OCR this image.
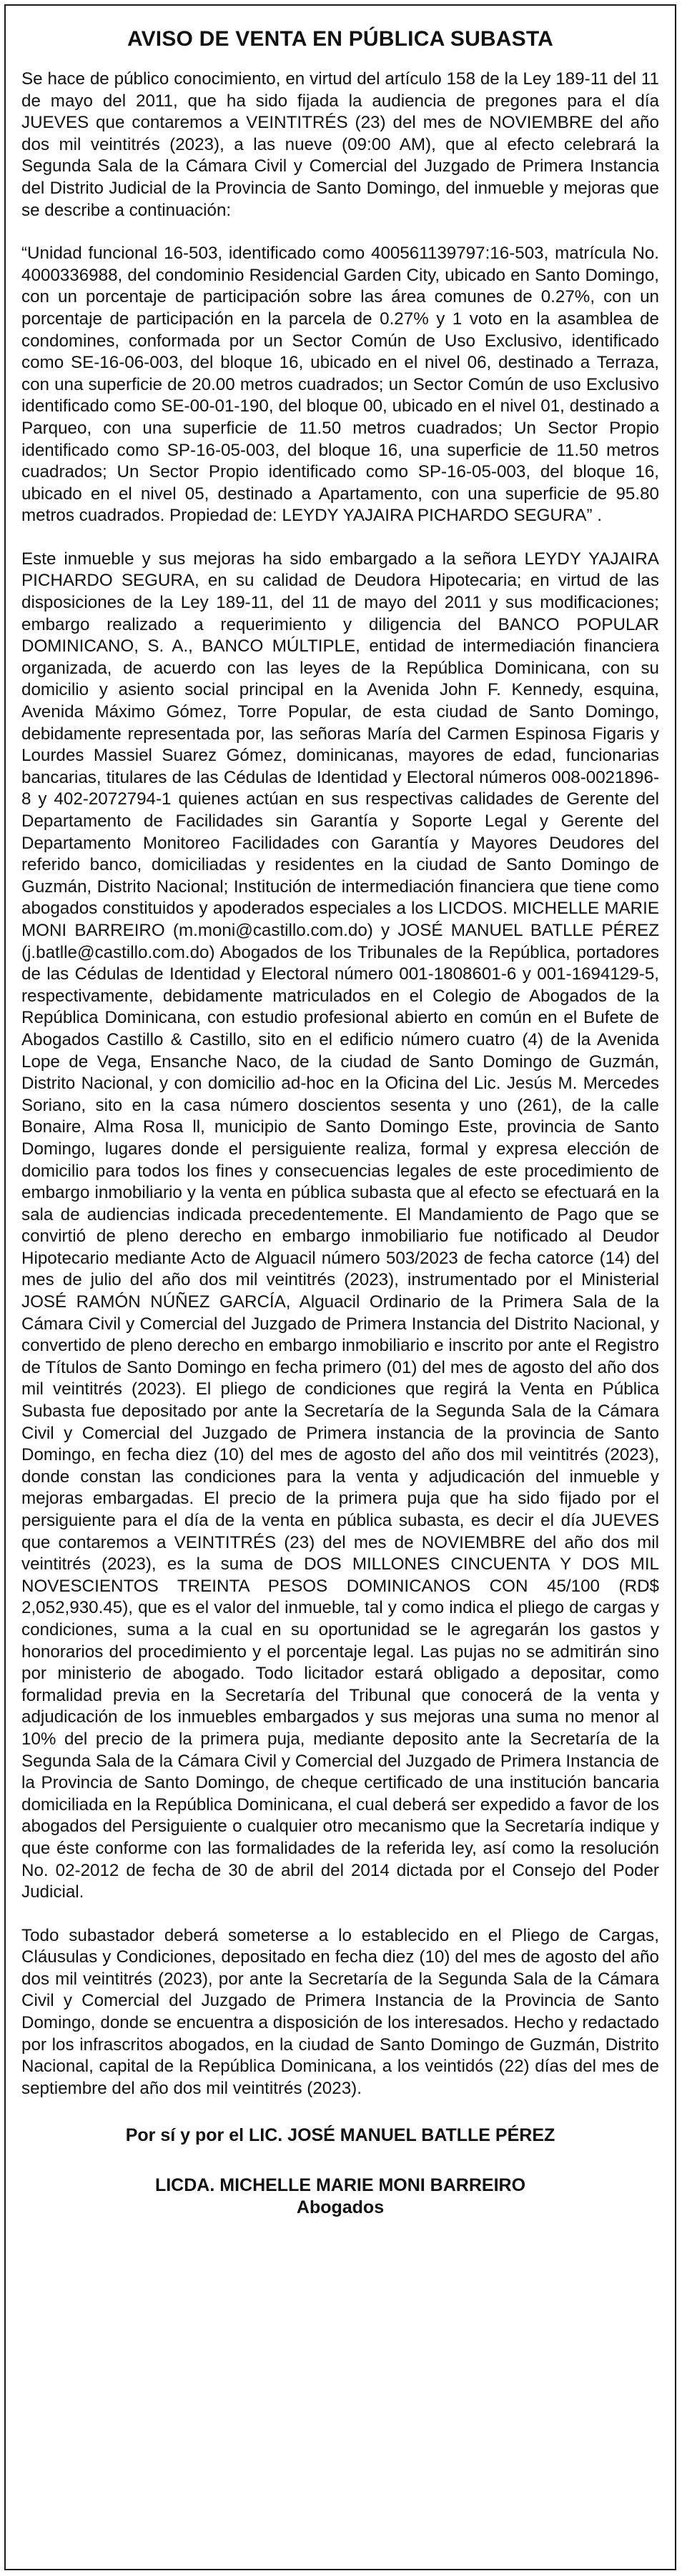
AVISO DE VENTA EN PÚBLICA SUBASTA

Se hace de público conocimiento, en virtud del artículo 158 de la Ley 189-11 del 11 de mayo del 2011, que ha sido fijada la audiencia de pregones para el día JUEVES que contaremos a VEINTITRÉS (23) del mes de NOVIEMBRE del año dos mil veintitrés (2023), a las nueve (09:00 AM), que al efecto celebrará la Segunda Sala de la Cámara Civil y Comercial del Juzgado de Primera Instancia del Distrito Judicial de la Provincia de Santo Domingo, del inmueble y mejoras que se describe a continuación:

“Unidad funcional 16-503, identificado como 400561139797:16-503, matrícula No. 4000336988, del condominio Residencial Garden City, ubicado en Santo Domingo, con un porcentaje de participación sobre las área comunes de 0.27%, con un porcentaje de participación en la parcela de 0.27% y 1 voto en la asamblea de condomines, conformada por un Sector Común de Uso Exclusivo, identificado como SE-16-06-003, del bloque 16, ubicado en el nivel 06, destinado a Terraza, con una superficie de 20.00 metros cuadrados; un Sector Común de uso Exclusivo identificado como SE-00-01-190, del bloque 00, ubicado en el nivel 01, destinado a Parqueo, con una superficie de 11.50 metros cuadrados; Un Sector Propio identificado como SP-16-05-003, del bloque 16, una superficie de 11.50 metros cuadrados; Un Sector Propio identificado como SP-16-05-003, del bloque 16, ubicado en el nivel 05, destinado a Apartamento, con una superficie de 95.80 metros cuadrados. Propiedad de: LEYDY YAJAIRA PICHARDO SEGURA” .

Este inmueble y sus mejoras ha sido embargado a la señora LEYDY YAJAIRA PICHARDO SEGURA, en su calidad de Deudora Hipotecaria; en virtud de las disposiciones de la Ley 189-11, del 11 de mayo del 2011 y sus modificaciones; embargo realizado a requerimiento y diligencia del BANCO POPULAR DOMINICANO, S. A., BANCO MÚLTIPLE, entidad de intermediación financiera organizada, de acuerdo con las leyes de la República Dominicana, con su domicilio y asiento social principal en la Avenida John F. Kennedy, esquina, Avenida Máximo Gómez, Torre Popular, de esta ciudad de Santo Domingo, debidamente representada por, las señoras María del Carmen Espinosa Figaris y Lourdes Massiel Suarez Gómez, dominicanas, mayores de edad, funcionarias bancarias, titulares de las Cédulas de Identidad y Electoral números 008-0021896-8 y 402-2072794-1 quienes actúan en sus respectivas calidades de Gerente del Departamento de Facilidades sin Garantía y Soporte Legal y Gerente del Departamento Monitoreo Facilidades con Garantía y Mayores Deudores del referido banco, domiciliadas y residentes en la ciudad de Santo Domingo de Guzmán, Distrito Nacional; Institución de intermediación financiera que tiene como abogados constituidos y apoderados especiales a los LICDOS. MICHELLE MARIE MONI BARREIRO (m.moni@castillo.com.do) y JOSÉ MANUEL BATLLE PÉREZ (j.batlle@castillo.com.do) Abogados de los Tribunales de la República, portadores de las Cédulas de Identidad y Electoral número 001-1808601-6 y 001-1694129-5, respectivamente, debidamente matriculados en el Colegio de Abogados de la República Dominicana, con estudio profesional abierto en común en el Bufete de Abogados Castillo & Castillo, sito en el edificio número cuatro (4) de la Avenida Lope de Vega, Ensanche Naco, de la ciudad de Santo Domingo de Guzmán, Distrito Nacional, y con domicilio ad-hoc en la Oficina del Lic. Jesús M. Mercedes Soriano, sito en la casa número doscientos sesenta y uno (261), de la calle Bonaire, Alma Rosa ll, municipio de Santo Domingo Este, provincia de Santo Domingo, lugares donde el persiguiente realiza, formal y expresa elección de domicilio para todos los fines y consecuencias legales de este procedimiento de embargo inmobiliario y la venta en pública subasta que al efecto se efectuará en la sala de audiencias indicada precedentemente. El Mandamiento de Pago que se convirtió de pleno derecho en embargo inmobiliario fue notificado al Deudor Hipotecario mediante Acto de Alguacil número 503/2023 de fecha catorce (14) del mes de julio del año dos mil veintitrés (2023), instrumentado por el Ministerial JOSÉ RAMÓN NÚÑEZ GARCÍA, Alguacil Ordinario de la Primera Sala de la Cámara Civil y Comercial del Juzgado de Primera Instancia del Distrito Nacional, y convertido de pleno derecho en embargo inmobiliario e inscrito por ante el Registro de Títulos de Santo Domingo en fecha primero (01) del mes de agosto del año dos mil veintitrés (2023). El pliego de condiciones que regirá la Venta en Pública Subasta fue depositado por ante la Secretaría de la Segunda Sala de la Cámara Civil y Comercial del Juzgado de Primera instancia de la provincia de Santo Domingo, en fecha diez (10) del mes de agosto del año dos mil veintitrés (2023), donde constan las condiciones para la venta y adjudicación del inmueble y mejoras embargadas. El precio de la primera puja que ha sido fijado por el persiguiente para el día de la venta en pública subasta, es decir el día JUEVES que contaremos a VEINTITRÉS (23) del mes de NOVIEMBRE del año dos mil veintitrés (2023), es la suma de DOS MILLONES CINCUENTA Y DOS MIL NOVESCIENTOS TREINTA PESOS DOMINICANOS CON 45/100 (RD$ 2,052,930.45), que es el valor del inmueble, tal y como indica el pliego de cargas y condiciones, suma a la cual en su oportunidad se le agregarán los gastos y honorarios del procedimiento y el porcentaje legal. Las pujas no se admitirán sino por ministerio de abogado. Todo licitador estará obligado a depositar, como formalidad previa en la Secretaría del Tribunal que conocerá de la venta y adjudicación de los inmuebles embargados y sus mejoras una suma no menor al 10% del precio de la primera puja, mediante deposito ante la Secretaría de la Segunda Sala de la Cámara Civil y Comercial del Juzgado de Primera Instancia de la Provincia de Santo Domingo, de cheque certificado de una institución bancaria domiciliada en la República Dominicana, el cual deberá ser expedido a favor de los abogados del Persiguiente o cualquier otro mecanismo que la Secretaría indique y que éste conforme con las formalidades de la referida ley, así como la resolución No. 02-2012 de fecha de 30 de abril del 2014 dictada por el Consejo del Poder Judicial.

Todo subastador deberá someterse a lo establecido en el Pliego de Cargas, Cláusulas y Condiciones, depositado en fecha diez (10) del mes de agosto del año dos mil veintitrés (2023), por ante la Secretaría de la Segunda Sala de la Cámara Civil y Comercial del Juzgado de Primera Instancia de la Provincia de Santo Domingo, donde se encuentra a disposición de los interesados. Hecho y redactado por los infrascritos abogados, en la ciudad de Santo Domingo de Guzmán, Distrito Nacional, capital de la República Dominicana, a los veintidós (22) días del mes de septiembre del año dos mil veintitrés (2023).

Por sí y por el LIC. JOSÉ MANUEL BATLLE PÉREZ

LICDA. MICHELLE MARIE MONI BARREIRO

Abogados
